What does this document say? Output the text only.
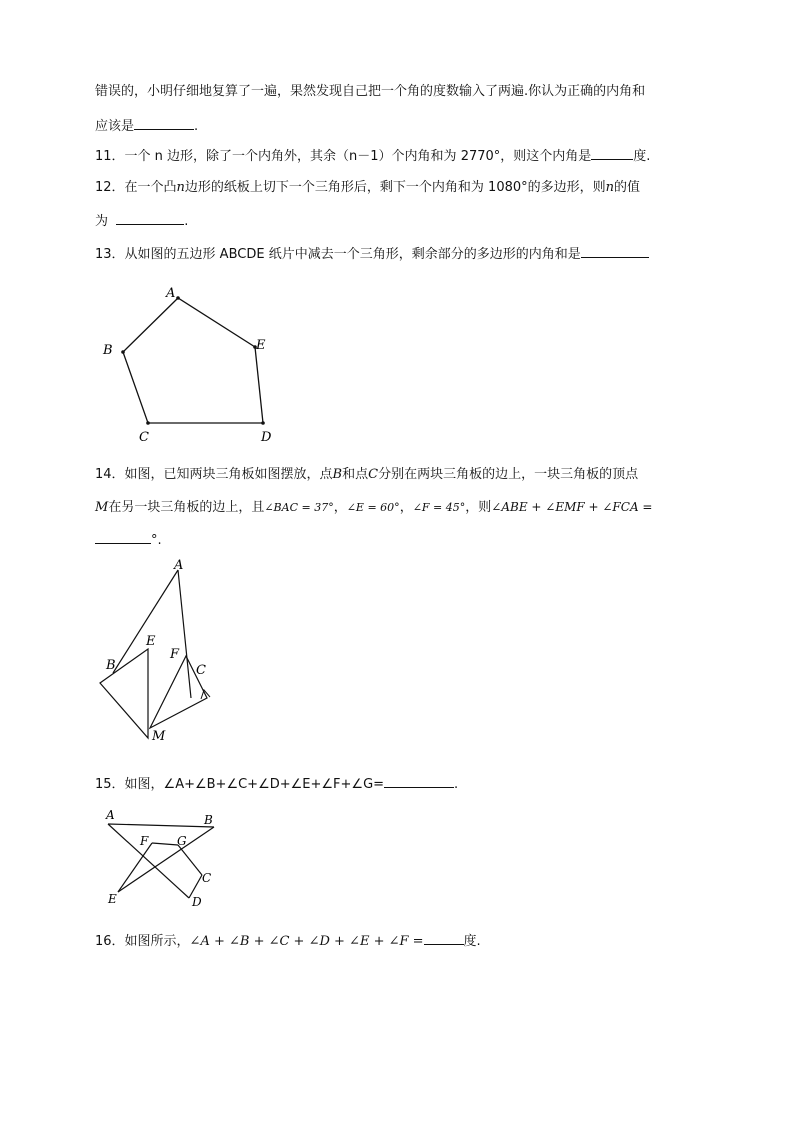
错误的，小明仔细地复算了一遍，果然发现自己把一个角的度数输入了两遍.你认为正确的内角和
应该是	.
11．一个 n 边形，除了一个内角外，其余（n－1）个内角和为 2770°，则这个内角是	度.
12．在一个凸n边形的纸板上切下一个三角形后，剩下一个内角和为 1080°的多边形，则n的值
为	.
13．从如图的五边形 ABCDE 纸片中减去一个三角形，剩余部分的多边形的内角和是
A
B
C	D
E
14．如图，已知两块三角板如图摆放，点B和点C分别在两块三角板的边上，一块三角板的顶点
M在另一块三角板的边上，且∠BAC = 37°，∠E = 60°，∠F = 45°，则∠ABE + ∠EMF + ∠FCA =
°.
A
E
B
F
C
M
15．如图，∠A+∠B+∠C+∠D+∠E+∠F+∠G=	.
A	B
F G
C
E	D
16．如图所示，∠A + ∠B + ∠C + ∠D + ∠E + ∠F =	度.
